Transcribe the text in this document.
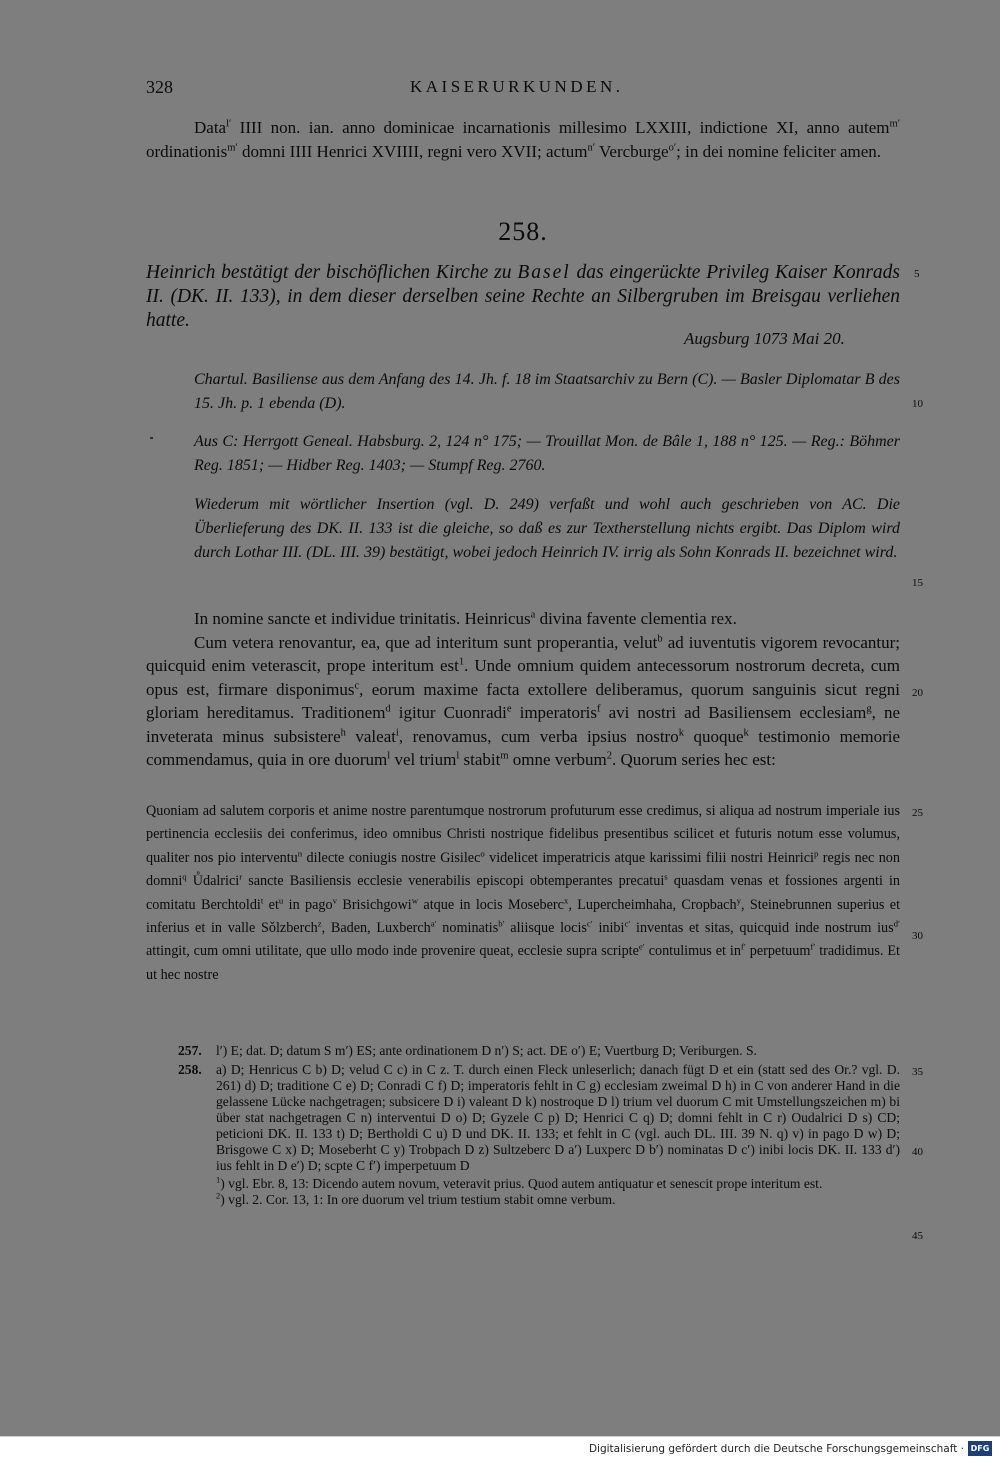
328	KAISERURKUNDEN.

Data$^{l'}$ IIII non. ian. anno dominicae incarnationis millesimo LXXIII, indictione XI, anno autem$^{m'}$ ordinationis$^{m'}$ domni IIII Henrici XVIIII, regni vero XVII; actum$^{n'}$ Vercburge$^{o'}$; in dei nomine feliciter amen.

258.
Heinrich bestätigt der bischöflichen Kirche zu Basel das eingerückte Privileg Kaiser Konrads II. (DK. II. 133), in dem dieser derselben seine Rechte an Silbergruben im Breisgau verliehen hatte.
Augsburg 1073 Mai 20.
Chartul. Basiliense aus dem Anfang des 14. Jh. f. 18 im Staatsarchiv zu Bern (C). — Basler Diplomatar B des 15. Jh. p. 1 ebenda (D).
Aus C: Herrgott Geneal. Habsburg. 2, 124 n° 175; — Trouillat Mon. de Bâle 1, 188 n° 125. — Reg.: Böhmer Reg. 1851; — Hidber Reg. 1403; — Stumpf Reg. 2760.
Wiederum mit wörtlicher Insertion (vgl. D. 249) verfaßt und wohl auch geschrieben von AC. Die Überlieferung des DK. II. 133 ist die gleiche, so daß es zur Textherstellung nichts ergibt. Das Diplom wird durch Lothar III. (DL. III. 39) bestätigt, wobei jedoch Heinrich IV. irrig als Sohn Konrads II. bezeichnet wird.

In nomine sancte et individue trinitatis. Heinricus$^a$ divina favente clementia rex.

Cum vetera renovantur, ea, que ad interitum sunt properantia, velut$^b$ ad iuventutis vigorem revocantur; quicquid enim veterascit, prope interitum est$^1$. Unde omnium quidem antecessorum nostrorum decreta, cum opus est, firmare disponimus$^c$, eorum maxime facta extollere deliberamus, quorum sanguinis sicut regni gloriam hereditamus. Traditionem$^d$ igitur Cuonradi$^e$ imperatoris$^f$ avi nostri ad Basiliensem ecclesiam$^g$, ne inveterata minus subsistere$^h$ valeat$^i$, renovamus, cum verba ipsius nostro$^k$ quoque$^k$ testimonio memorie commendamus, quia in ore duorum$^l$ vel trium$^l$ stabit$^m$ omne verbum$^2$. Quorum series hec est:

Quoniam ad salutem corporis et anime nostre parentumque nostrorum profuturum esse credimus, si aliqua ad nostrum imperiale ius pertinencia ecclesiis dei conferimus, ideo omnibus Christi nostrique fidelibus presentibus scilicet et futuris notum esse volumus, qualiter nos pio interventu$^n$ dilecte coniugis nostre Gisilec$^o$ videlicet imperatricis atque karissimi filii nostri Heinrici$^p$ regis nec non domni$^q$ Ůdalrici$^r$ sancte Basiliensis ecclesie venerabilis episcopi obtemperantes precatui$^s$ quasdam venas et fossiones argenti in comitatu Berchtoldi$^t$ $et^u$ in pago$^v$ Brisichgowi$^w$ atque in locis Moseberc$^x$, Lupercheimhaha, Cropbach$^y$, Steinebrunnen superius et inferius et in valle Sǒlzberch$^z$, Baden, Luxberch$^{a'}$ nominatis$^{b'}$ aliisque locis$^{c'}$ inibi$^{c'}$ inventas et sitas, quicquid inde nostrum ius$^{d'}$ attingit, cum omni utilitate, que ullo modo inde provenire queat, ecclesie supra scripte$^{e'}$ contulimus et $in^{f'}$ perpetuum$^{f'}$ tradidimus. Et ut hec nostre

5
10
15
20
25
30
35
40
45

257. l′) E; dat. D; datum S m′) ES; ante ordinationem D n′) S; act. DE o′) E; Vuertburg D; Veriburgen. S.

258. a) D; Henricus C b) D; velud C c) in C z. T. durch einen Fleck unleserlich; danach fügt D et ein (statt sed des Or.? vgl. D. 261) d) D; traditione C e) D; Conradi C f) D; imperatoris fehlt in C g) ecclesiam zweimal D h) in C von anderer Hand in die gelassene Lücke nachgetragen; subsicere D i) valeant D k) nostroque D l) trium vel duorum C mit Umstellungszeichen m) bi über stat nachgetragen C n) interventui D o) D; Gyzele C p) D; Henrici C q) D; domni fehlt in C r) Oudalrici D s) CD; peticioni DK. II. 133 t) D; Bertholdi C u) D und DK. II. 133; et fehlt in C (vgl. auch DL. III. 39 N. q) v) in pago D w) D; Brisgowe C x) D; Moseberht C y) Trobpach D z) Sultzeberc D a′) Luxperc D b′) nominatas D c′) inibi locis DK. II. 133 d′) ius fehlt in D e′) D; scpte C f′) imperpetuum D

$^1$) vgl. Ebr. 8, 13: Dicendo autem novum, veteravit prius. Quod autem antiquatur et senescit prope interitum est.

$^2$) vgl. 2. Cor. 13, 1: In ore duorum vel trium testium stabit omne verbum.

Digitalisierung gefördert durch die Deutsche Forschungsgemeinschaft · DFG
